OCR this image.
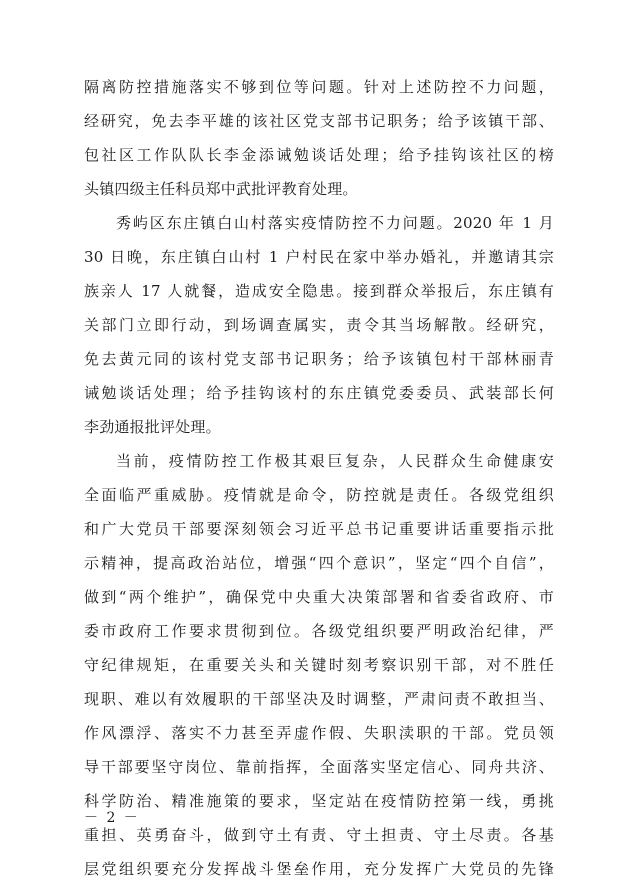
隔离防控措施落实不够到位等问题。针对上述防控不力问题，
经研究，免去李平雄的该社区党支部书记职务；给予该镇干部、
包社区工作队队长李金添诫勉谈话处理；给予挂钩该社区的榜
头镇四级主任科员郑中武批评教育处理。
秀屿区东庄镇白山村落实疫情防控不力问题。2020 年 1 月
30 日晚，东庄镇白山村 1 户村民在家中举办婚礼，并邀请其宗
族亲人 17 人就餐，造成安全隐患。接到群众举报后，东庄镇有
关部门立即行动，到场调查属实，责令其当场解散。经研究，
免去黄元同的该村党支部书记职务；给予该镇包村干部林丽青
诫勉谈话处理；给予挂钩该村的东庄镇党委委员、武装部长何
李劲通报批评处理。
当前，疫情防控工作极其艰巨复杂，人民群众生命健康安
全面临严重威胁。疫情就是命令，防控就是责任。各级党组织
和广大党员干部要深刻领会习近平总书记重要讲话重要指示批
示精神，提高政治站位，增强“四个意识”，坚定“四个自信”，
做到“两个维护”，确保党中央重大决策部署和省委省政府、市
委市政府工作要求贯彻到位。各级党组织要严明政治纪律，严
守纪律规矩，在重要关头和关键时刻考察识别干部，对不胜任
现职、难以有效履职的干部坚决及时调整，严肃问责不敢担当、
作风漂浮、落实不力甚至弄虚作假、失职渎职的干部。党员领
导干部要坚守岗位、靠前指挥，全面落实坚定信心、同舟共济、
科学防治、精准施策的要求，坚定站在疫情防控第一线，勇挑
重担、英勇奋斗，做到守土有责、守土担责、守土尽责。各基
层党组织要充分发挥战斗堡垒作用，充分发挥广大党员的先锋
－ 2 －
